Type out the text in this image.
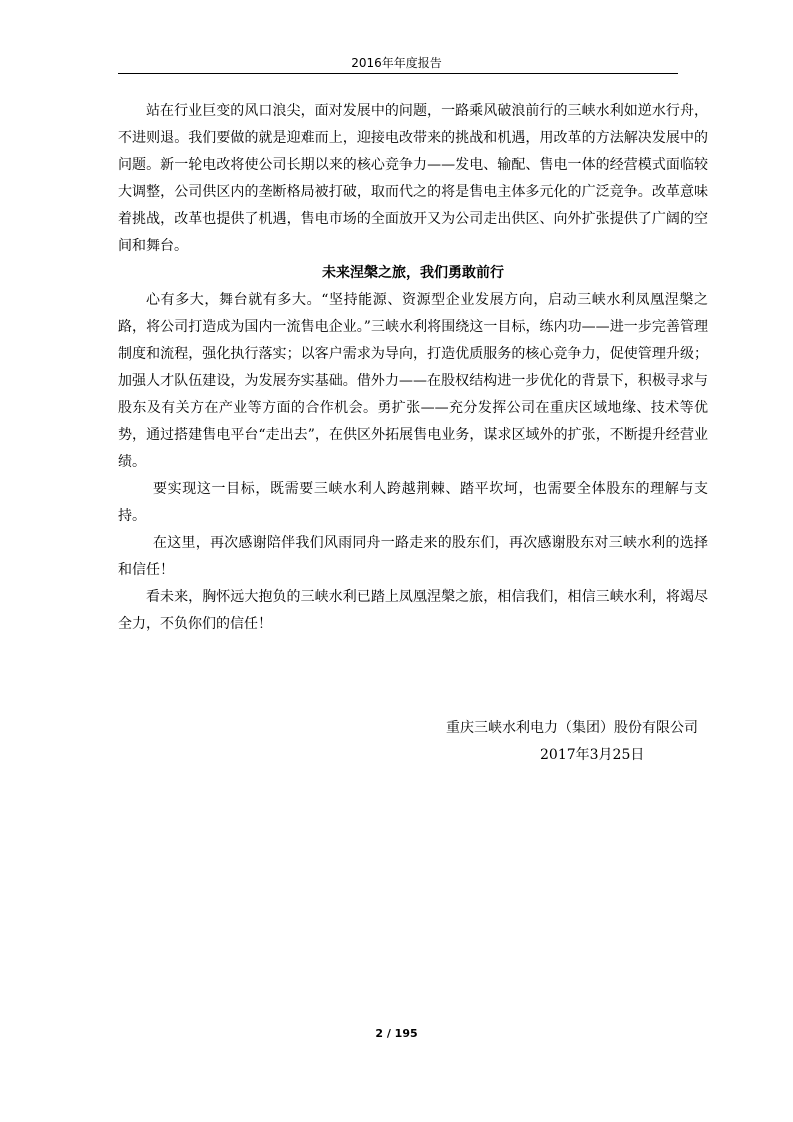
2016年年度报告

站在行业巨变的风口浪尖，面对发展中的问题，一路乘风破浪前行的三峡水利如逆水行舟，不进则退。我们要做的就是迎难而上，迎接电改带来的挑战和机遇，用改革的方法解决发展中的问题。新一轮电改将使公司长期以来的核心竞争力——发电、输配、售电一体的经营模式面临较大调整，公司供区内的垄断格局被打破，取而代之的将是售电主体多元化的广泛竞争。改革意味着挑战，改革也提供了机遇，售电市场的全面放开又为公司走出供区、向外扩张提供了广阔的空间和舞台。

未来涅槃之旅，我们勇敢前行

心有多大，舞台就有多大。“坚持能源、资源型企业发展方向，启动三峡水利凤凰涅槃之路，将公司打造成为国内一流售电企业。”三峡水利将围绕这一目标，练内功——进一步完善管理制度和流程，强化执行落实；以客户需求为导向，打造优质服务的核心竞争力，促使管理升级；加强人才队伍建设，为发展夯实基础。借外力——在股权结构进一步优化的背景下，积极寻求与股东及有关方在产业等方面的合作机会。勇扩张——充分发挥公司在重庆区域地缘、技术等优势，通过搭建售电平台“走出去”，在供区外拓展售电业务，谋求区域外的扩张，不断提升经营业绩。

要实现这一目标，既需要三峡水利人跨越荆棘、踏平坎坷，也需要全体股东的理解与支持。

在这里，再次感谢陪伴我们风雨同舟一路走来的股东们，再次感谢股东对三峡水利的选择和信任！

看未来，胸怀远大抱负的三峡水利已踏上凤凰涅槃之旅，相信我们，相信三峡水利，将竭尽全力，不负你们的信任！

重庆三峡水利电力（集团）股份有限公司
2017年3月25日
2 / 195
